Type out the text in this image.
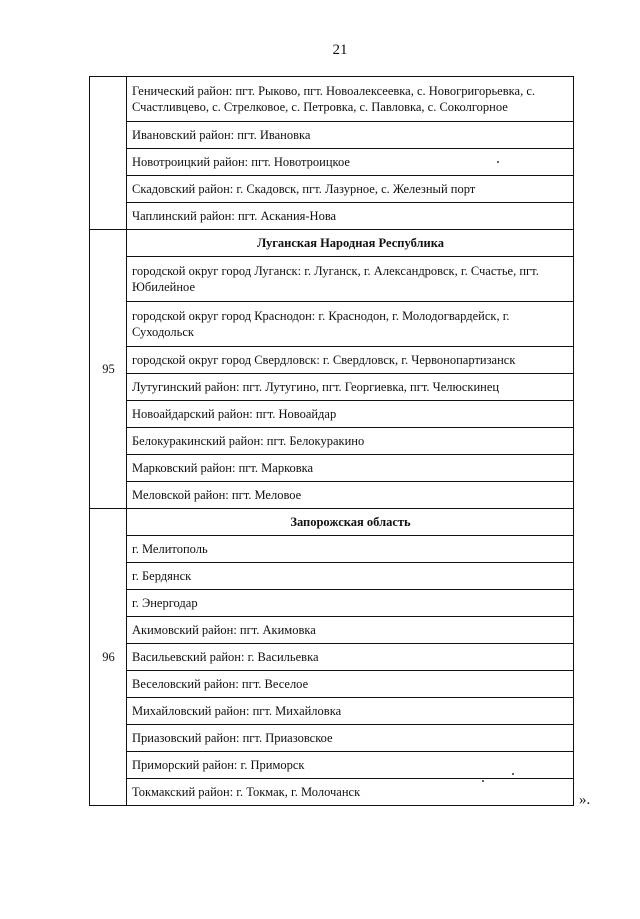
21
	Генический район: пгт. Рыково, пгт. Новоалексеевка, с. Новогригорьевка, с. Счастливцево, с. Стрелковое, с. Петровка, с. Павловка, с. Соколгорное
	Ивановский район: пгт. Ивановка
	Новотроицкий район: пгт. Новотроицкое
	Скадовский район: г. Скадовск, пгт. Лазурное, с. Железный порт
	Чаплинский район: пгт. Аскания-Нова
95	Луганская Народная Республика
	городской округ город Луганск: г. Луганск, г. Александровск, г. Счастье, пгт. Юбилейное
	городской округ город Краснодон: г. Краснодон, г. Молодогвардейск, г. Суходольск
	городской округ город Свердловск: г. Свердловск, г. Червонопартизанск
	Лутугинский район: пгт. Лутугино, пгт. Георгиевка, пгт. Челюскинец
	Новоайдарский район: пгт. Новоайдар
	Белокуракинский район: пгт. Белокуракино
	Марковский район: пгт. Марковка
	Меловской район: пгт. Меловое
96	Запорожская область
	г. Мелитополь
	г. Бердянск
	г. Энергодар
	Акимовский район: пгт. Акимовка
	Васильевский район: г. Васильевка
	Веселовский район: пгт. Веселое
	Михайловский район: пгт. Михайловка
	Приазовский район: пгт. Приазовское
	Приморский район: г. Приморск
	Токмакский район: г. Токмак, г. Молочанск	».
